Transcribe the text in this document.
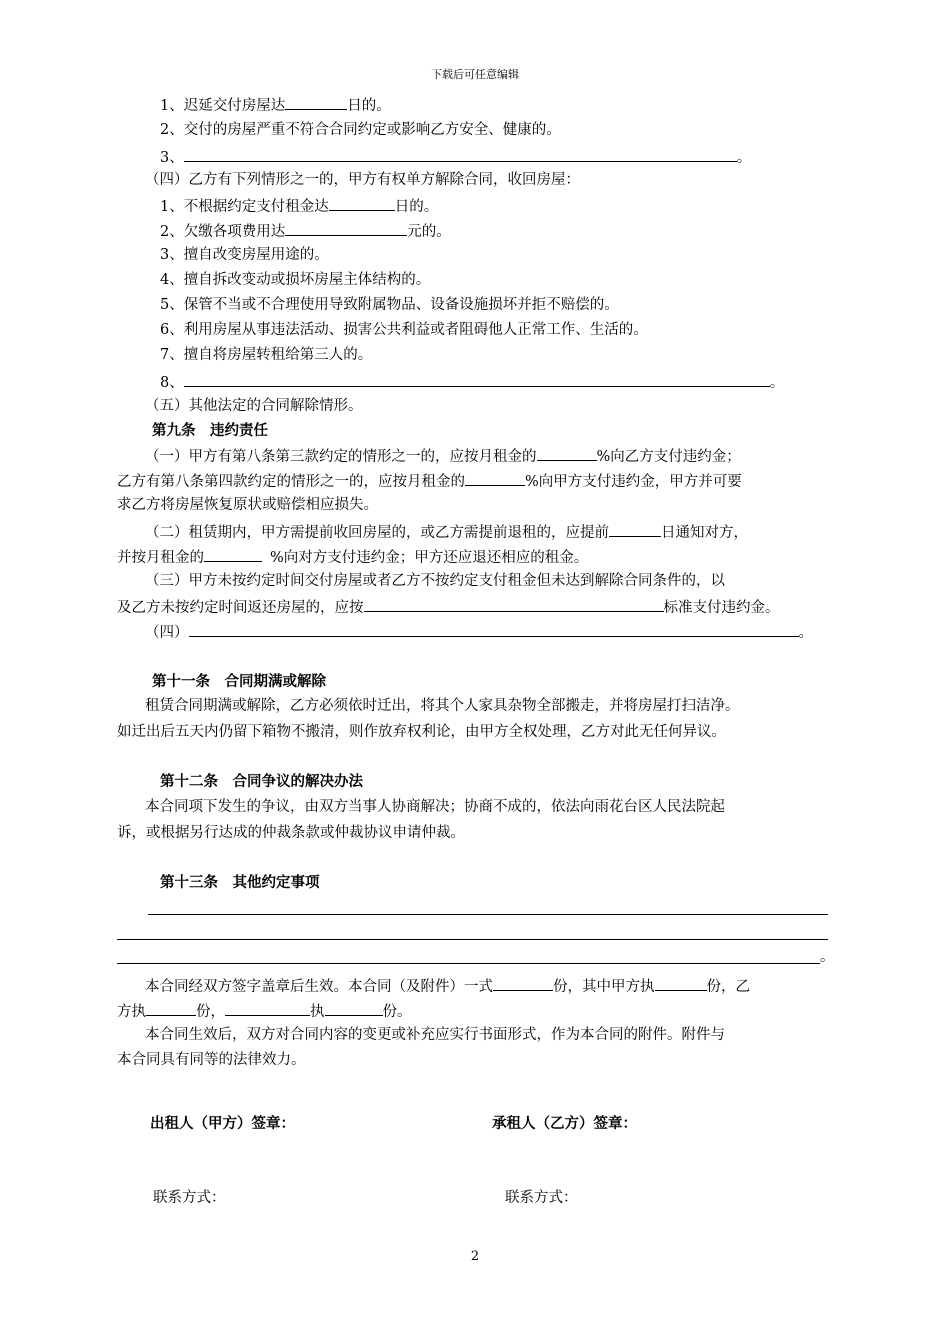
下载后可任意编辑
1、迟延交付房屋达	日的。
2、交付的房屋严重不符合合同约定或影响乙方安全、健康的。
3、	。
（四）乙方有下列情形之一的，甲方有权单方解除合同，收回房屋：
1、不根据约定支付租金达	日的。
2、欠缴各项费用达	元的。
3、擅自改变房屋用途的。
4、擅自拆改变动或损坏房屋主体结构的。
5、保管不当或不合理使用导致附属物品、设备设施损坏并拒不赔偿的。
6、利用房屋从事违法活动、损害公共利益或者阻碍他人正常工作、生活的。
7、擅自将房屋转租给第三人的。
8、	。
（五）其他法定的合同解除情形。
第九条　违约责任
（一）甲方有第八条第三款约定的情形之一的，应按月租金的	%向乙方支付违约金；
乙方有第八条第四款约定的情形之一的，应按月租金的	%向甲方支付违约金，甲方并可要
求乙方将房屋恢复原状或赔偿相应损失。
（二）租赁期内，甲方需提前收回房屋的，或乙方需提前退租的，应提前	日通知对方，
并按月租金的	%向对方支付违约金；甲方还应退还相应的租金。
（三）甲方未按约定时间交付房屋或者乙方不按约定支付租金但未达到解除合同条件的，以
及乙方未按约定时间返还房屋的，应按	标准支付违约金。
（四）	。
第十一条　合同期满或解除
租赁合同期满或解除，乙方必须依时迁出，将其个人家具杂物全部搬走，并将房屋打扫洁净。
如迁出后五天内仍留下箱物不搬清，则作放弃权利论，由甲方全权处理，乙方对此无任何异议。
第十二条　合同争议的解决办法
本合同项下发生的争议，由双方当事人协商解决；协商不成的，依法向雨花台区人民法院起
诉，或根据另行达成的仲裁条款或仲裁协议申请仲裁。
第十三条　其他约定事项
。
本合同经双方签字盖章后生效。本合同（及附件）一式	份，其中甲方执	份，乙
方执	份，	执	份。
本合同生效后，双方对合同内容的变更或补充应实行书面形式，作为本合同的附件。附件与
本合同具有同等的法律效力。
出租人（甲方）签章：	承租人（乙方）签章：
联系方式：	联系方式：
2
